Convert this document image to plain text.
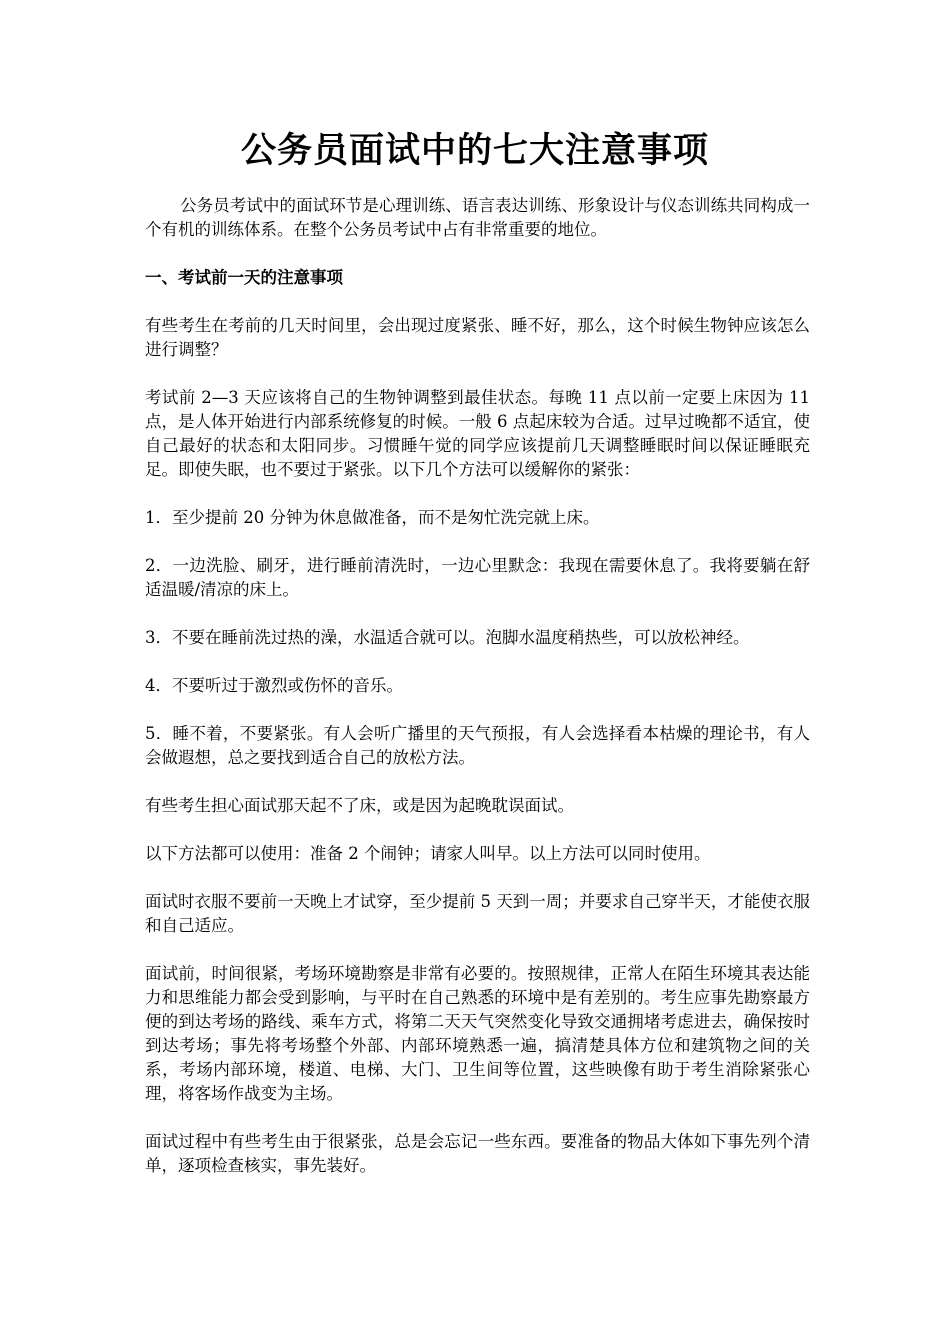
公务员面试中的七大注意事项

公务员考试中的面试环节是心理训练、语言表达训练、形象设计与仪态训练共同构成一个有机的训练体系。在整个公务员考试中占有非常重要的地位。

一、考试前一天的注意事项

有些考生在考前的几天时间里，会出现过度紧张、睡不好，那么，这个时候生物钟应该怎么进行调整？

考试前 2—3 天应该将自己的生物钟调整到最佳状态。每晚 11 点以前一定要上床因为 11 点，是人体开始进行内部系统修复的时候。一般 6 点起床较为合适。过早过晚都不适宜，使自己最好的状态和太阳同步。习惯睡午觉的同学应该提前几天调整睡眠时间以保证睡眠充足。即使失眠，也不要过于紧张。以下几个方法可以缓解你的紧张：

1．至少提前 20 分钟为休息做准备，而不是匆忙洗完就上床。

2．一边洗脸、刷牙，进行睡前清洗时，一边心里默念：我现在需要休息了。我将要躺在舒适温暖/清凉的床上。

3．不要在睡前洗过热的澡，水温适合就可以。泡脚水温度稍热些，可以放松神经。

4．不要听过于激烈或伤怀的音乐。

5．睡不着，不要紧张。有人会听广播里的天气预报，有人会选择看本枯燥的理论书，有人会做遐想，总之要找到适合自己的放松方法。

有些考生担心面试那天起不了床，或是因为起晚耽误面试。

以下方法都可以使用：准备 2 个闹钟；请家人叫早。以上方法可以同时使用。

面试时衣服不要前一天晚上才试穿，至少提前 5 天到一周；并要求自己穿半天，才能使衣服和自己适应。

面试前，时间很紧，考场环境勘察是非常有必要的。按照规律，正常人在陌生环境其表达能力和思维能力都会受到影响，与平时在自己熟悉的环境中是有差别的。考生应事先勘察最方便的到达考场的路线、乘车方式，将第二天天气突然变化导致交通拥堵考虑进去，确保按时到达考场；事先将考场整个外部、内部环境熟悉一遍，搞清楚具体方位和建筑物之间的关系，考场内部环境，楼道、电梯、大门、卫生间等位置，这些映像有助于考生消除紧张心理，将客场作战变为主场。

面试过程中有些考生由于很紧张，总是会忘记一些东西。要准备的物品大体如下事先列个清单，逐项检查核实，事先装好。
